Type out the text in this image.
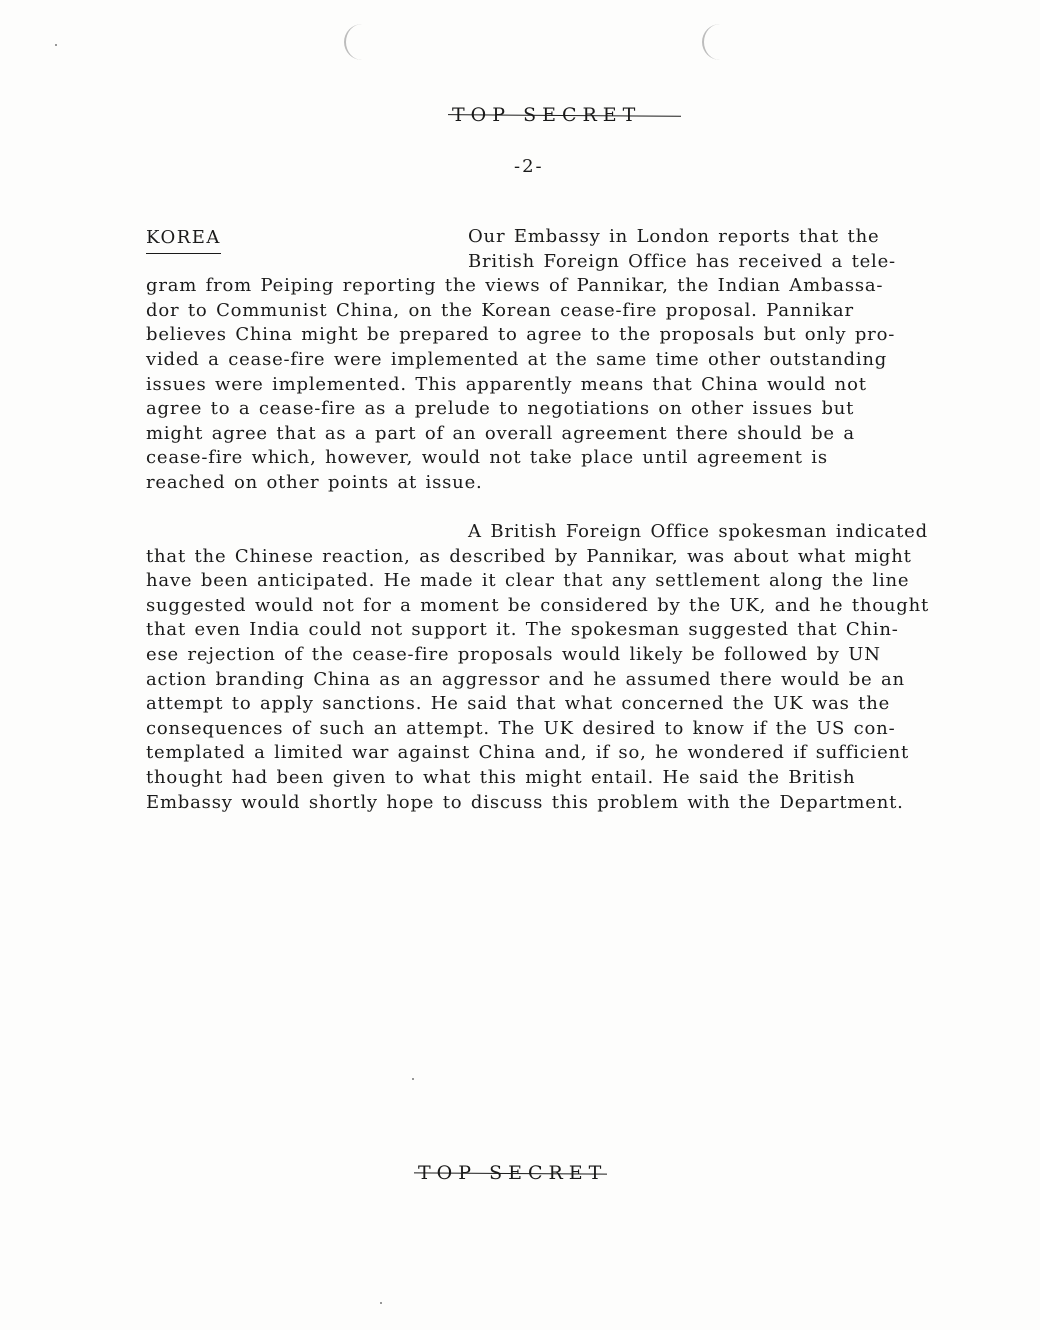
TOP SECRET
-2-
KOREA	Our Embassy in London reports that the
British Foreign Office has received a tele-
gram from Peiping reporting the views of Pannikar, the Indian Ambassa-
dor to Communist China, on the Korean cease-fire proposal. Pannikar
believes China might be prepared to agree to the proposals but only pro-
vided a cease-fire were implemented at the same time other outstanding
issues were implemented. This apparently means that China would not
agree to a cease-fire as a prelude to negotiations on other issues but
might agree that as a part of an overall agreement there should be a
cease-fire which, however, would not take place until agreement is
reached on other points at issue.
A British Foreign Office spokesman indicated
that the Chinese reaction, as described by Pannikar, was about what might
have been anticipated. He made it clear that any settlement along the line
suggested would not for a moment be considered by the UK, and he thought
that even India could not support it. The spokesman suggested that Chin-
ese rejection of the cease-fire proposals would likely be followed by UN
action branding China as an aggressor and he assumed there would be an
attempt to apply sanctions. He said that what concerned the UK was the
consequences of such an attempt. The UK desired to know if the US con-
templated a limited war against China and, if so, he wondered if sufficient
thought had been given to what this might entail. He said the British
Embassy would shortly hope to discuss this problem with the Department.
TOP SECRET
